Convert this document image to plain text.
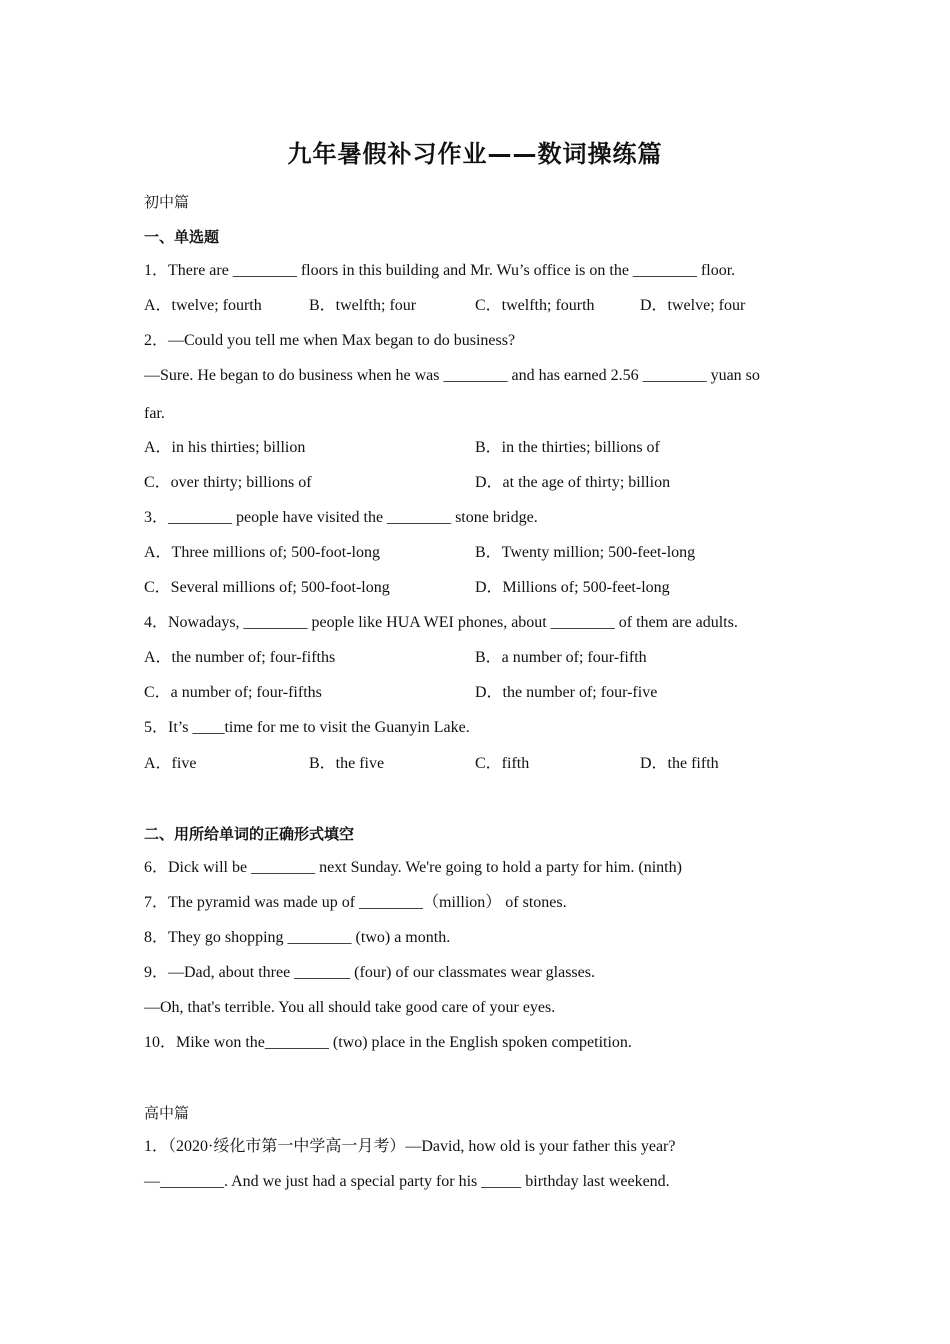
九年暑假补习作业——数词操练篇
初中篇
一、单选题
1．There are ________ floors in this building and Mr. Wu’s office is on the ________ floor.
A．twelve; fourth	B．twelfth; four	C．twelfth; fourth	D．twelve; four
2．—Could you tell me when Max began to do business?
—Sure. He began to do business when he was ________ and has earned 2.56 ________ yuan so
far.
A．in his thirties; billion	B．in the thirties; billions of
C．over thirty; billions of	D．at the age of thirty; billion
3．________ people have visited the ________ stone bridge.
A．Three millions of; 500-foot-long	B．Twenty million; 500-feet-long
C．Several millions of; 500-foot-long	D．Millions of; 500-feet-long
4．Nowadays, ________ people like HUA WEI phones, about ________ of them are adults.
A．the number of; four-fifths	B．a number of; four-fifth
C．a number of; four-fifths	D．the number of; four-five
5．It’s ____time for me to visit the Guanyin Lake.
A．five	B．the five	C．fifth	D．the fifth
二、用所给单词的正确形式填空
6．Dick will be ________ next Sunday. We're going to hold a party for him. (ninth)
7．The pyramid was made up of ________（million） of stones.
8．They go shopping ________ (two) a month.
9．—Dad, about three _______ (four) of our classmates wear glasses.
—Oh, that's terrible. You all should take good care of your eyes.
10．Mike won the________ (two) place in the English spoken competition.
高中篇
1．（2020·绥化市第一中学高一月考）—David, how old is your father this year?
—________. And we just had a special party for his _____ birthday last weekend.
